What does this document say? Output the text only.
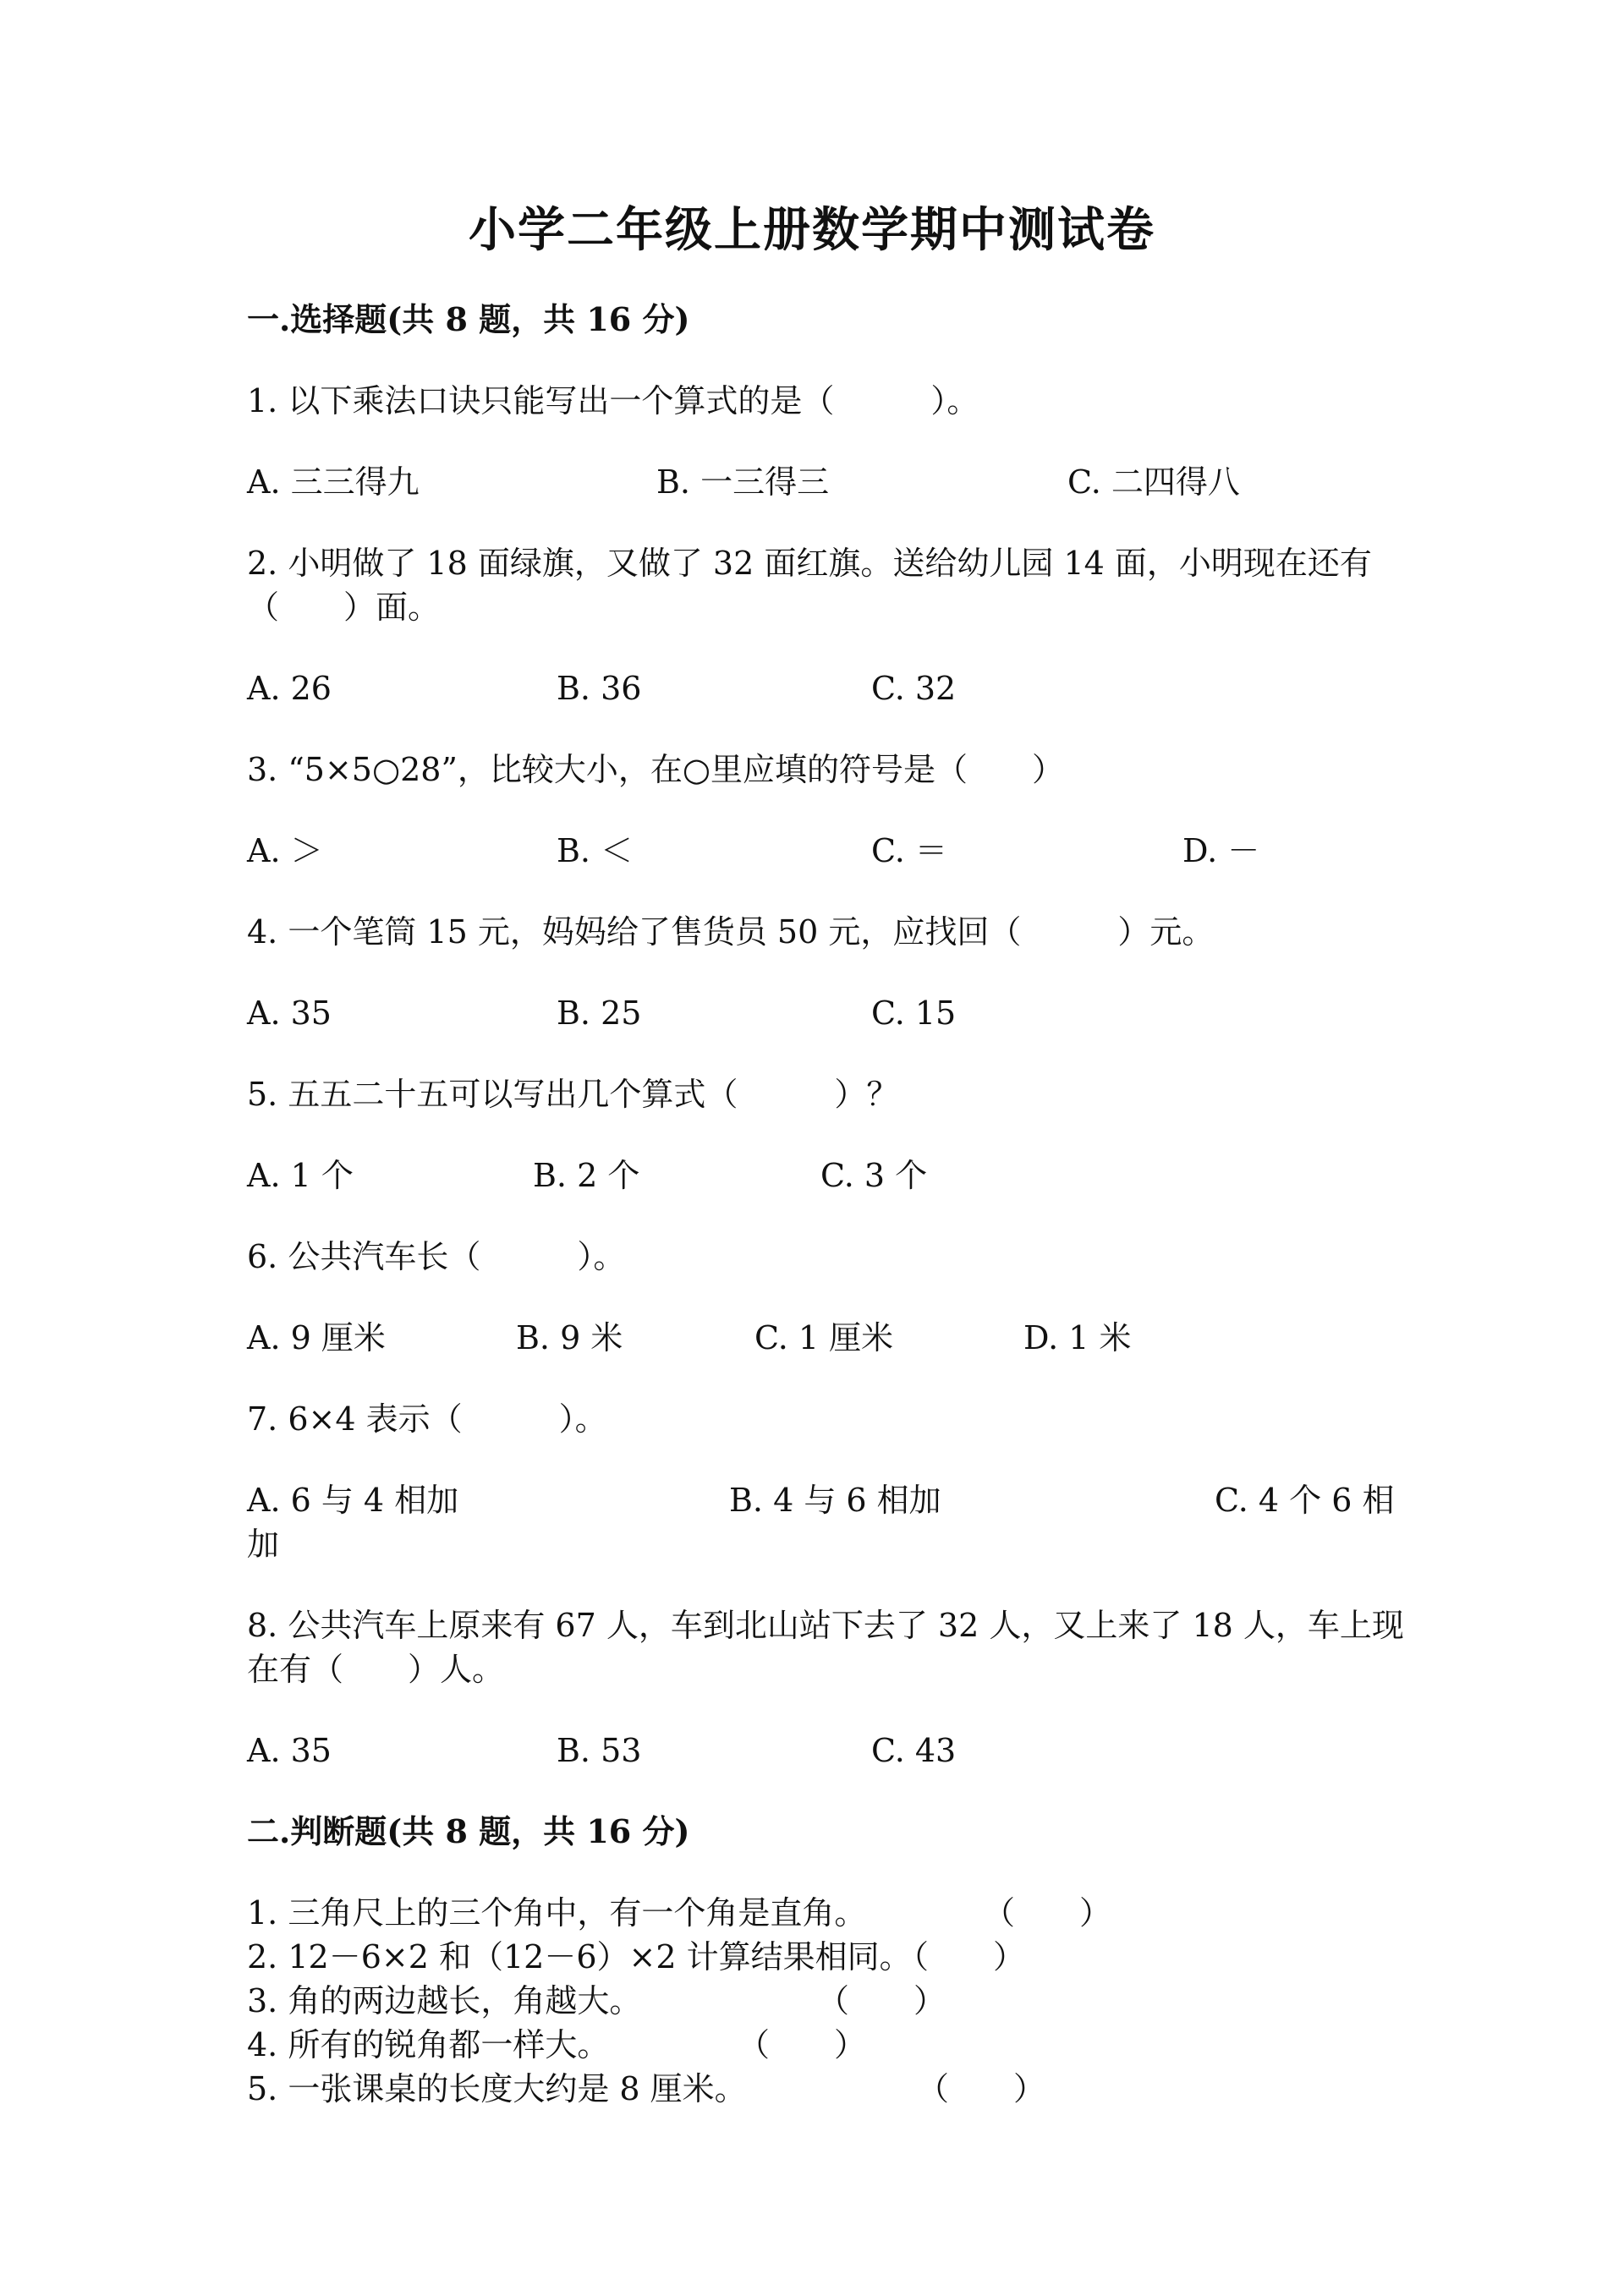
小学二年级上册数学期中测试卷
一.选择题(共 8 题，共 16 分)
1. 以下乘法口诀只能写出一个算式的是（　　　）。
A. 三三得九	B. 一三得三	C. 二四得八
2. 小明做了 18 面绿旗，又做了 32 面红旗。送给幼儿园 14 面，小明现在还有
（　　）面。
A. 26	B. 36	C. 32
3. “5×5○28”，比较大小，在○里应填的符号是（　　）
A. ＞	B. ＜	C. ＝	D. －
4. 一个笔筒 15 元，妈妈给了售货员 50 元，应找回（　　　）元。
A. 35	B. 25	C. 15
5. 五五二十五可以写出几个算式（　　　）？
A. 1 个	B. 2 个	C. 3 个
6. 公共汽车长（　　　）。
A. 9 厘米	B. 9 米	C. 1 厘米	D. 1 米
7. 6×4 表示（　　　）。
A. 6 与 4 相加	B. 4 与 6 相加	C. 4 个 6 相
加
8. 公共汽车上原来有 67 人，车到北山站下去了 32 人，又上来了 18 人，车上现
在有（　　）人。
A. 35	B. 53	C. 43
二.判断题(共 8 题，共 16 分)
1. 三角尺上的三个角中，有一个角是直角。	（　　）
2. 12－6×2 和（12－6）×2 计算结果相同。
（　　）
3. 角的两边越长，角越大。	（　　）
4. 所有的锐角都一样大。	（　　）
5. 一张课桌的长度大约是 8 厘米。	（　　）
